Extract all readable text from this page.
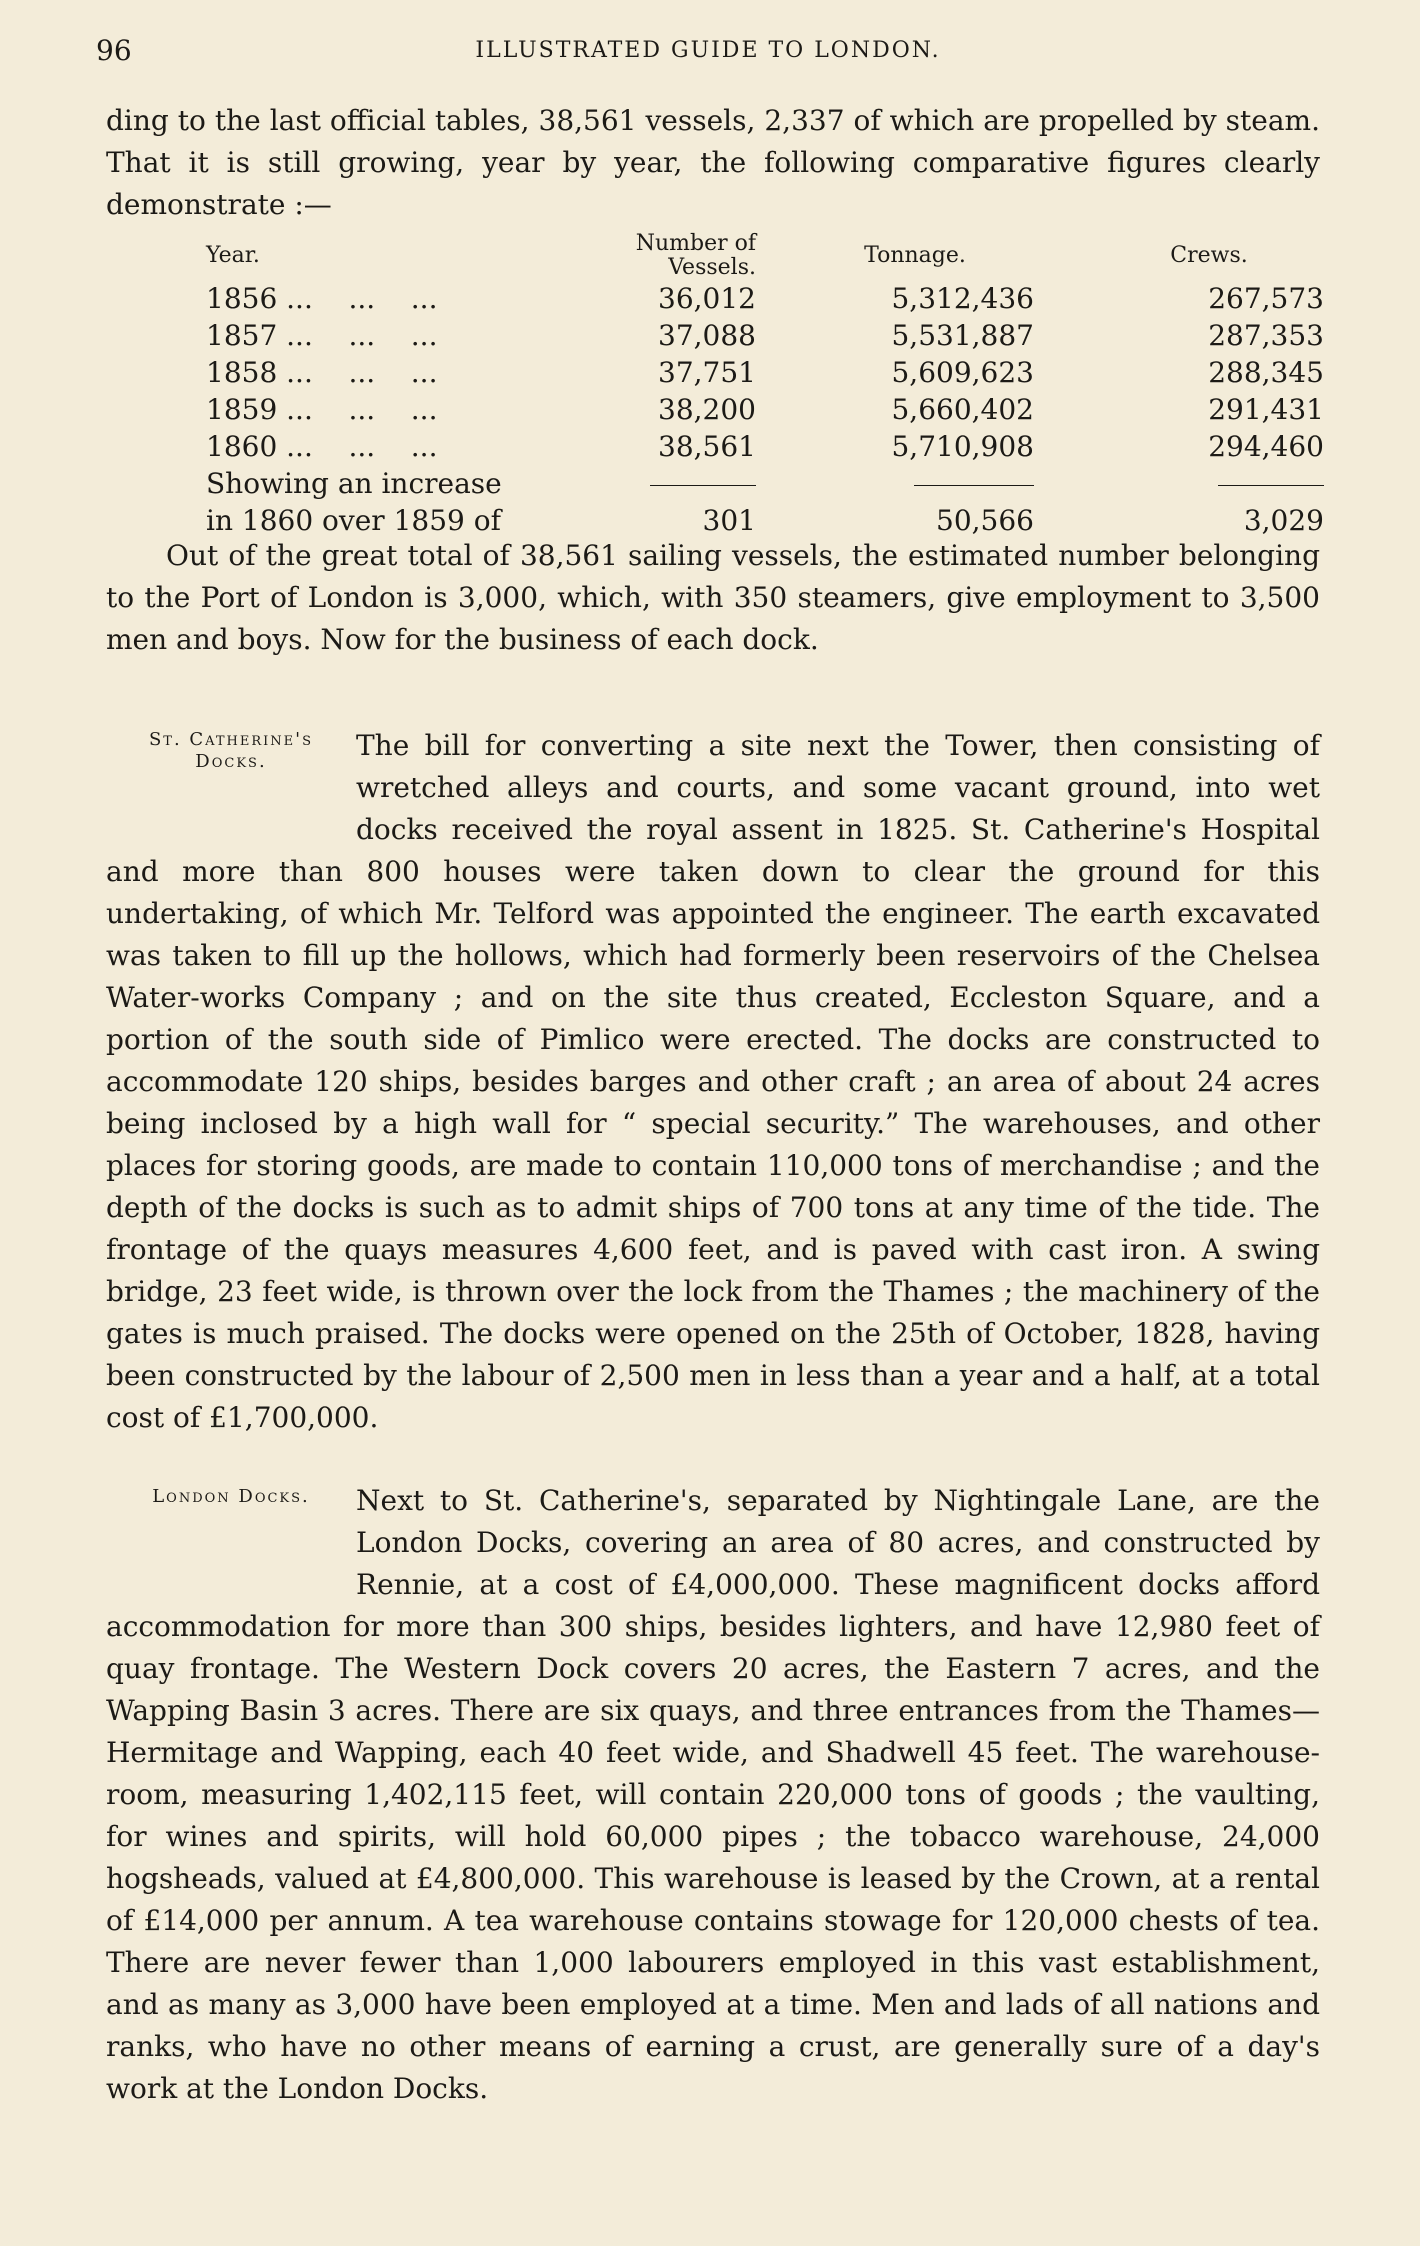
96	ILLUSTRATED GUIDE TO LONDON.

ding to the last official tables, 38,561 vessels, 2,337 of which are propelled by steam. That it is still growing, year by year, the following comparative figures clearly demonstrate :—

Year.	Number of Vessels.	Tonnage.	Crews.
1856 ...    ...    ...	36,012	5,312,436	267,573
1857 ...    ...    ...	37,088	5,531,887	287,353
1858 ...    ...    ...	37,751	5,609,623	288,345
1859 ...    ...    ...	38,200	5,660,402	291,431
1860 ...    ...    ...	38,561	5,710,908	294,460
Showing an increase			
in 1860 over 1859 of	301	50,566	3,029

Out of the great total of 38,561 sailing vessels, the estimated number belonging to the Port of London is 3,000, which, with 350 steamers, give employment to 3,500 men and boys. Now for the business of each dock.

St. Catherine's
Docks.	The bill for converting a site next the Tower, then consisting of wretched alleys and courts, and some vacant ground, into wet docks received the royal assent in 1825. St. Catherine's Hospital and more than 800 houses were taken down to clear the ground for this undertaking, of which Mr. Telford was appointed the engineer. The earth excavated was taken to fill up the hollows, which had formerly been reservoirs of the Chelsea Water-works Company ; and on the site thus created, Eccleston Square, and a portion of the south side of Pimlico were erected. The docks are constructed to accommodate 120 ships, besides barges and other craft ; an area of about 24 acres being inclosed by a high wall for “ special security.” The warehouses, and other places for storing goods, are made to contain 110,000 tons of merchandise ; and the depth of the docks is such as to admit ships of 700 tons at any time of the tide. The frontage of the quays measures 4,600 feet, and is paved with cast iron. A swing bridge, 23 feet wide, is thrown over the lock from the Thames ; the machinery of the gates is much praised. The docks were opened on the 25th of October, 1828, having been constructed by the labour of 2,500 men in less than a year and a half, at a total cost of £1,700,000.
London Docks.	Next to St. Catherine's, separated by Nightingale Lane, are the London Docks, covering an area of 80 acres, and constructed by Rennie, at a cost of £4,000,000. These magnificent docks afford accommodation for more than 300 ships, besides lighters, and have 12,980 feet of quay frontage. The Western Dock covers 20 acres, the Eastern 7 acres, and the Wapping Basin 3 acres. There are six quays, and three entrances from the Thames—Hermitage and Wapping, each 40 feet wide, and Shadwell 45 feet. The warehouse-room, measuring 1,402,115 feet, will contain 220,000 tons of goods ; the vaulting, for wines and spirits, will hold 60,000 pipes ; the tobacco warehouse, 24,000 hogsheads, valued at £4,800,000. This warehouse is leased by the Crown, at a rental of £14,000 per annum. A tea warehouse contains stowage for 120,000 chests of tea. There are never fewer than 1,000 labourers employed in this vast establishment, and as many as 3,000 have been employed at a time. Men and lads of all nations and ranks, who have no other means of earning a crust, are generally sure of a day's work at the London Docks.
